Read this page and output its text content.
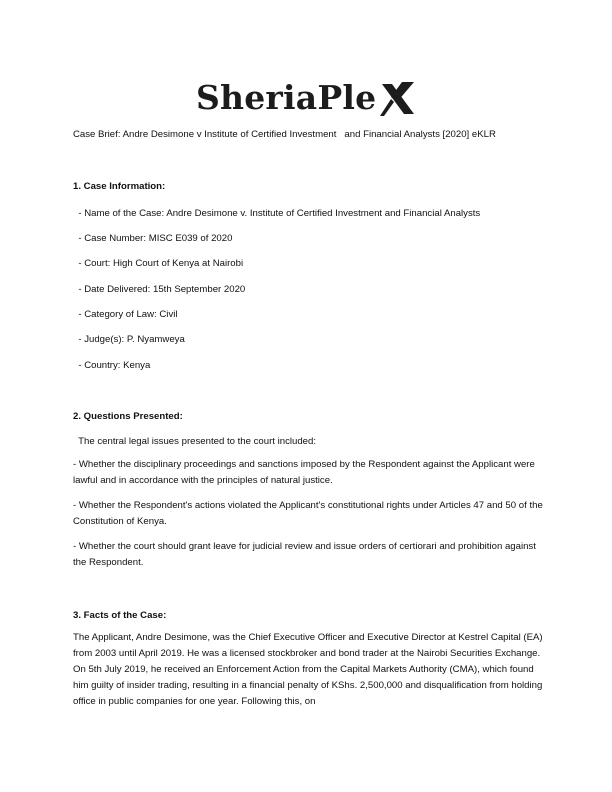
SheriaPle
Case Brief: Andre Desimone v Institute of Certified Investment   and Financial Analysts [2020] eKLR
1. Case Information:
- Name of the Case: Andre Desimone v. Institute of Certified Investment and Financial Analysts
- Case Number: MISC E039 of 2020
- Court: High Court of Kenya at Nairobi
- Date Delivered: 15th September 2020
- Category of Law: Civil
- Judge(s): P. Nyamweya
- Country: Kenya
2. Questions Presented:
The central legal issues presented to the court included:
- Whether the disciplinary proceedings and sanctions imposed by the Respondent against the Applicant were lawful and in accordance with the principles of natural justice.
- Whether the Respondent's actions violated the Applicant's constitutional rights under Articles 47 and 50 of the Constitution of Kenya.
- Whether the court should grant leave for judicial review and issue orders of certiorari and prohibition against the Respondent.
3. Facts of the Case:
The Applicant, Andre Desimone, was the Chief Executive Officer and Executive Director at Kestrel Capital (EA) from 2003 until April 2019. He was a licensed stockbroker and bond trader at the Nairobi Securities Exchange. On 5th July 2019, he received an Enforcement Action from the Capital Markets Authority (CMA), which found him guilty of insider trading, resulting in a financial penalty of KShs. 2,500,000 and disqualification from holding office in public companies for one year. Following this, on
